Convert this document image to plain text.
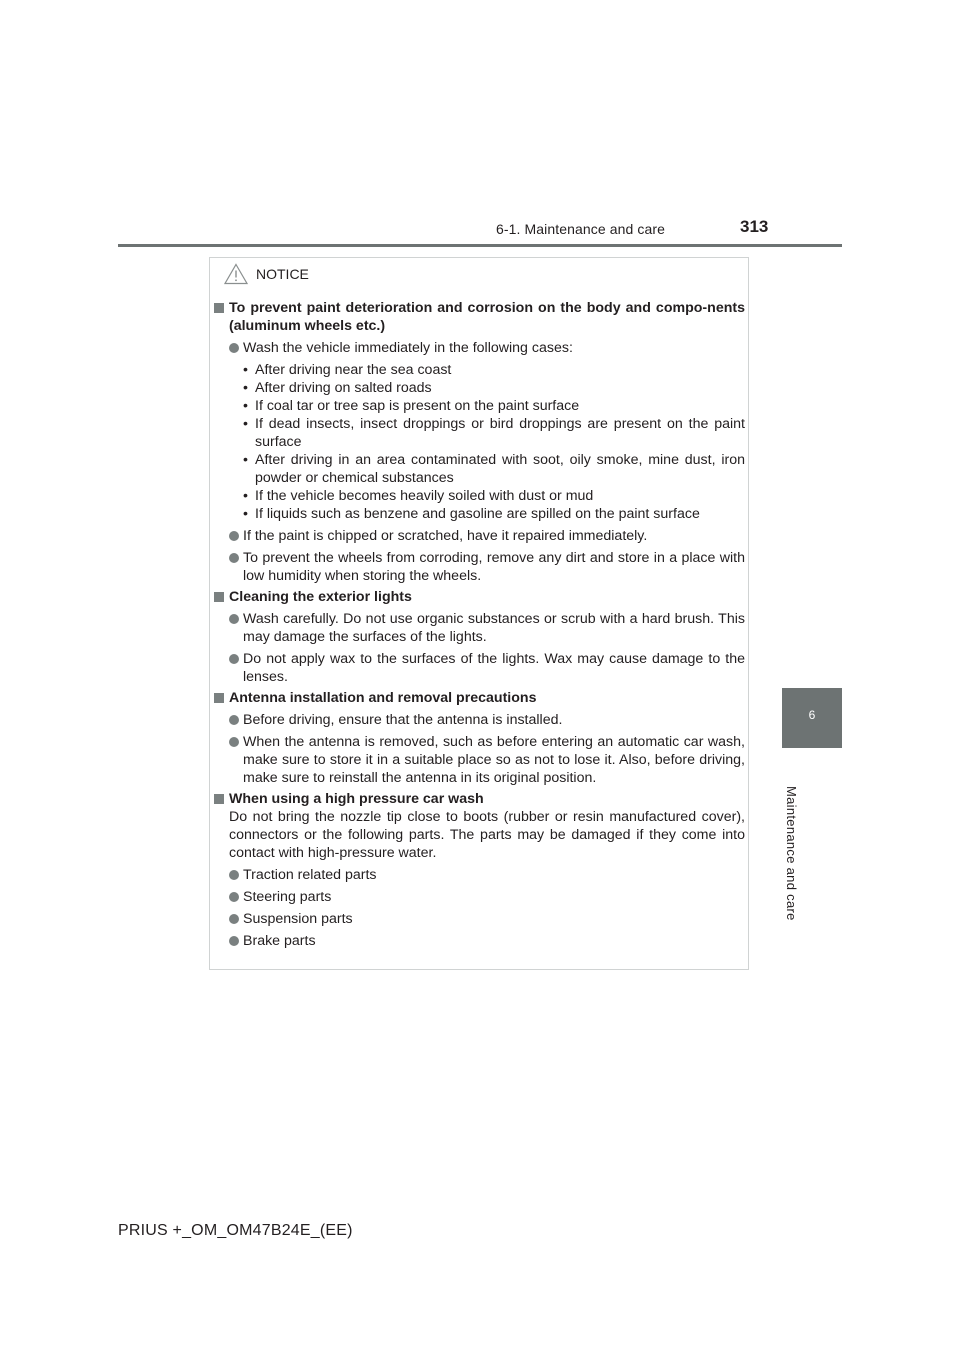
6-1. Maintenance and care	313
6
Maintenance and care
NOTICE
To prevent paint deterioration and corrosion on the body and compo-nents (aluminum wheels etc.)
Wash the vehicle immediately in the following cases:
• After driving near the sea coast
• After driving on salted roads
• If coal tar or tree sap is present on the paint surface
• If dead insects, insect droppings or bird droppings are present on the paint surface
• After driving in an area contaminated with soot, oily smoke, mine dust, iron powder or chemical substances
• If the vehicle becomes heavily soiled with dust or mud
• If liquids such as benzene and gasoline are spilled on the paint surface
If the paint is chipped or scratched, have it repaired immediately.
To prevent the wheels from corroding, remove any dirt and store in a place with low humidity when storing the wheels.
Cleaning the exterior lights
Wash carefully. Do not use organic substances or scrub with a hard brush. This may damage the surfaces of the lights.
Do not apply wax to the surfaces of the lights. Wax may cause damage to the lenses.
Antenna installation and removal precautions
Before driving, ensure that the antenna is installed.
When the antenna is removed, such as before entering an automatic car wash, make sure to store it in a suitable place so as not to lose it. Also, before driving, make sure to reinstall the antenna in its original position.
When using a high pressure car wash
Do not bring the nozzle tip close to boots (rubber or resin manufactured cover), connectors or the following parts. The parts may be damaged if they come into contact with high-pressure water.
Traction related parts
Steering parts
Suspension parts
Brake parts
PRIUS +_OM_OM47B24E_(EE)
